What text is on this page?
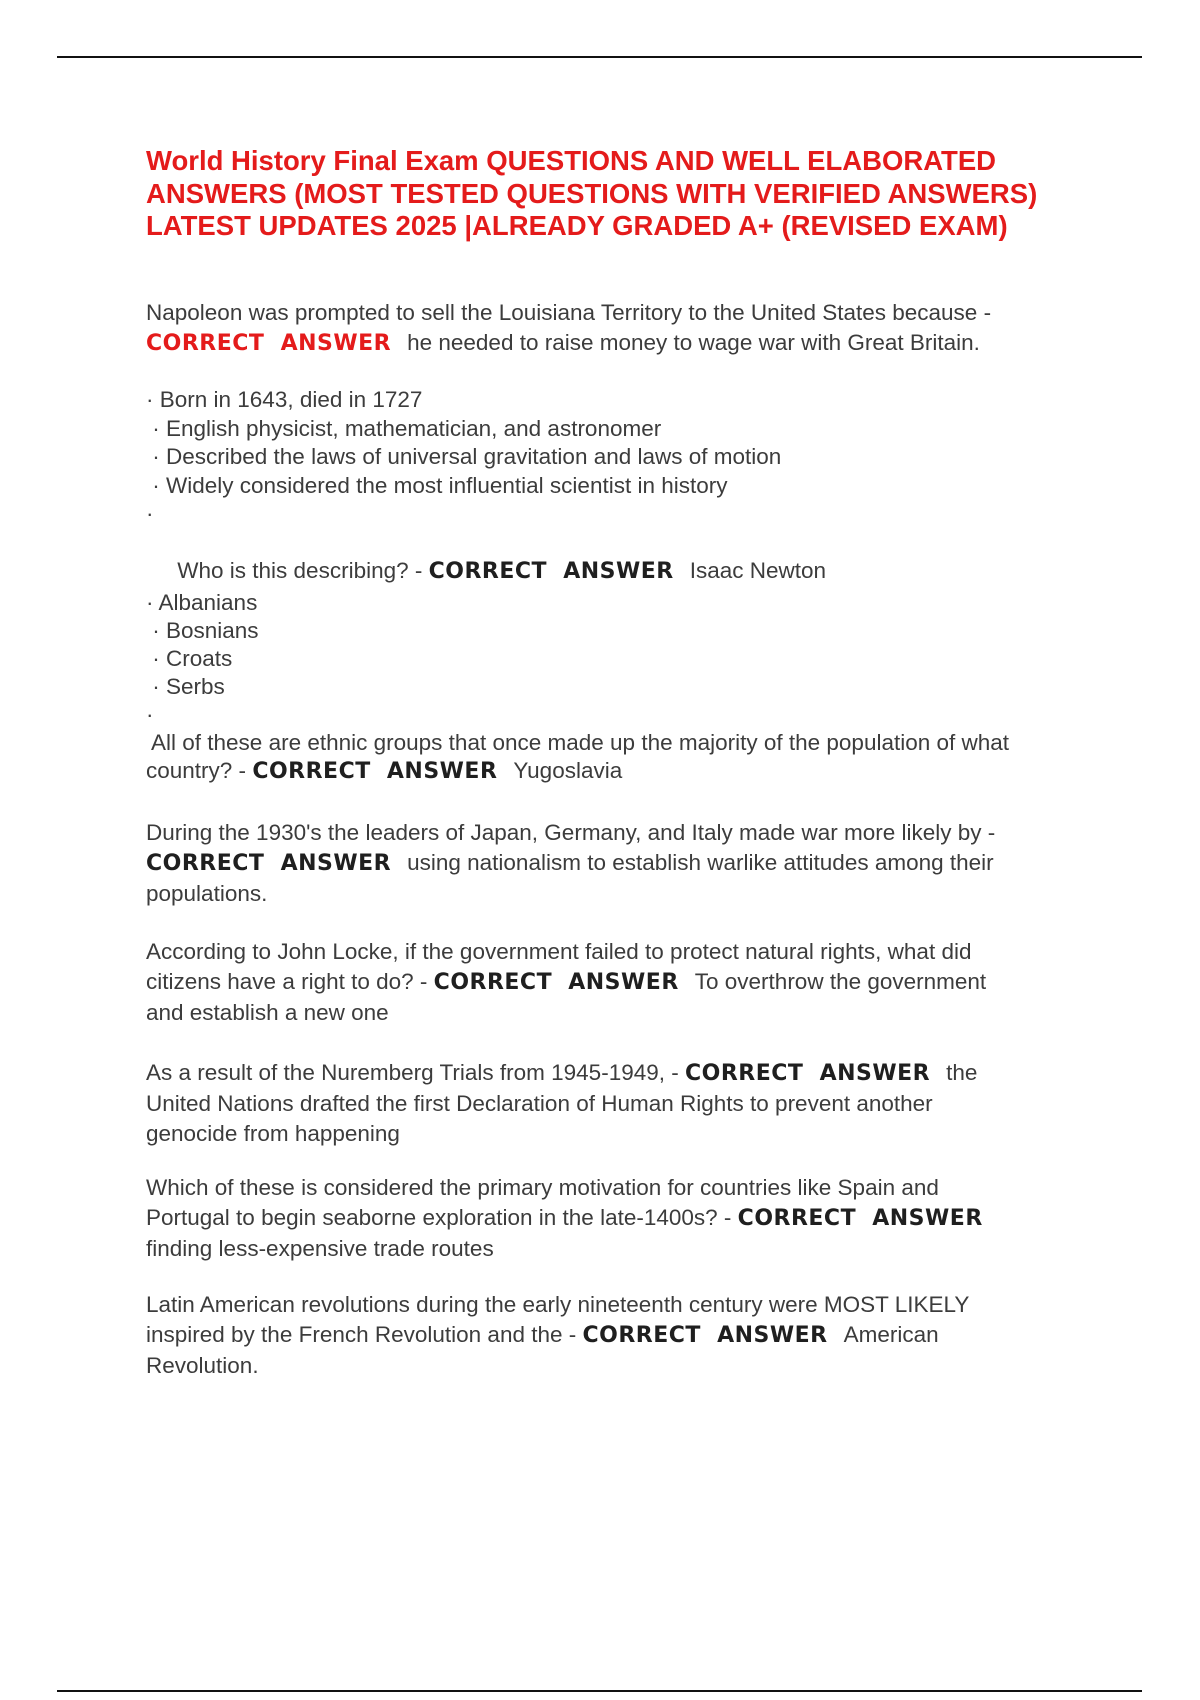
World History Final Exam QUESTIONS AND WELL ELABORATED
ANSWERS (MOST TESTED QUESTIONS WITH VERIFIED ANSWERS)
LATEST UPDATES 2025 |ALREADY GRADED A+ (REVISED EXAM)
Napoleon was prompted to sell the Louisiana Territory to the United States because -
CORRECT ANSWER he needed to raise money to wage war with Great Britain.
· Born in 1643, died in 1727
· English physicist, mathematician, and astronomer
· Described the laws of universal gravitation and laws of motion
· Widely considered the most influential scientist in history
·

Who is this describing? - CORRECT ANSWER Isaac Newton

· Albanians
· Bosnians
· Croats
· Serbs
·
All of these are ethnic groups that once made up the majority of the population of what
country? - CORRECT ANSWER Yugoslavia
During the 1930's the leaders of Japan, Germany, and Italy made war more likely by -
CORRECT ANSWER using nationalism to establish warlike attitudes among their
populations.
According to John Locke, if the government failed to protect natural rights, what did
citizens have a right to do? - CORRECT ANSWER To overthrow the government
and establish a new one
As a result of the Nuremberg Trials from 1945-1949, - CORRECT ANSWER the
United Nations drafted the first Declaration of Human Rights to prevent another
genocide from happening
Which of these is considered the primary motivation for countries like Spain and
Portugal to begin seaborne exploration in the late-1400s? - CORRECT ANSWER
finding less-expensive trade routes
Latin American revolutions during the early nineteenth century were MOST LIKELY
inspired by the French Revolution and the - CORRECT ANSWER American
Revolution.
